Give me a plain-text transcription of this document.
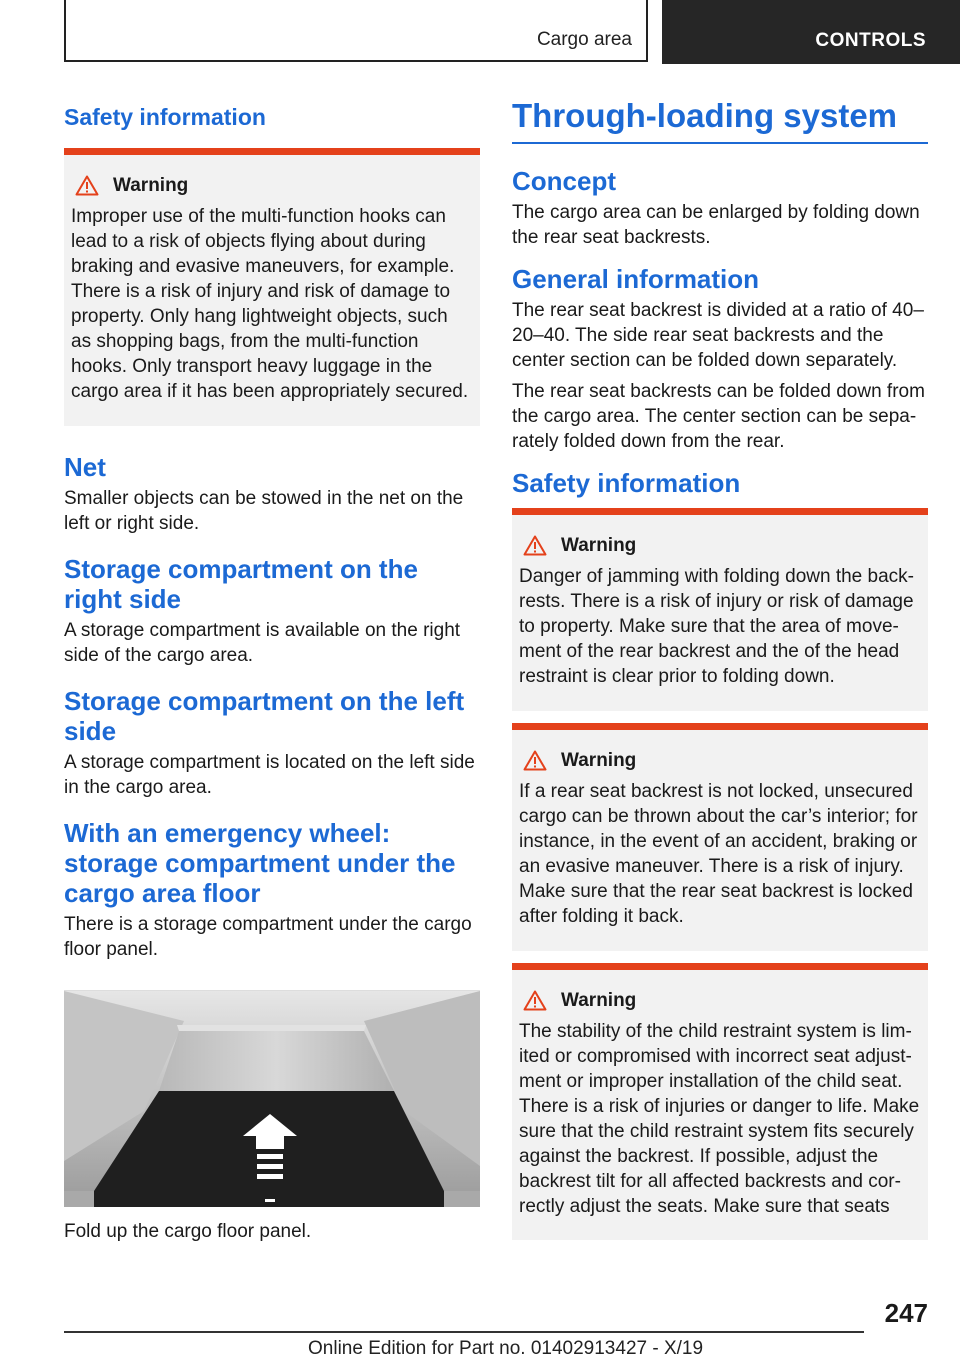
Cargo area	CONTROLS
Safety information
Warning

Improper use of the multi-function hooks can lead to a risk of objects flying about during braking and evasive maneuvers, for example. There is a risk of injury and risk of damage to property. Only hang lightweight objects, such as shopping bags, from the multi-function hooks. Only transport heavy luggage in the cargo area if it has been appropriately secured.

Net

Smaller objects can be stowed in the net on the left or right side.

Storage compartment on the right side

A storage compartment is available on the right side of the cargo area.

Storage compartment on the left side

A storage compartment is located on the left side in the cargo area.

With an emergency wheel: storage compartment under the cargo area floor

There is a storage compartment under the cargo floor panel.

Fold up the cargo floor panel.

Through-loading system
Concept

The cargo area can be enlarged by folding down the rear seat backrests.

General information

The rear seat backrest is divided at a ratio of 40–20–40. The side rear seat backrests and the center section can be folded down separately.

The rear seat backrests can be folded down from the cargo area. The center section can be separately folded down from the rear.

Safety information
Warning

Danger of jamming with folding down the backrests. There is a risk of injury or risk of damage to property. Make sure that the area of movement of the rear backrest and the of the head restraint is clear prior to folding down.

Warning

If a rear seat backrest is not locked, unsecured cargo can be thrown about the car’s interior; for instance, in the event of an accident, braking or an evasive maneuver. There is a risk of injury. Make sure that the rear seat backrest is locked after folding it back.

Warning

The stability of the child restraint system is limited or compromised with incorrect seat adjustment or improper installation of the child seat. There is a risk of injuries or danger to life. Make sure that the child restraint system fits securely against the backrest. If possible, adjust the backrest tilt for all affected backrests and correctly adjust the seats. Make sure that seats

247
Online Edition for Part no. 01402913427 - X/19
